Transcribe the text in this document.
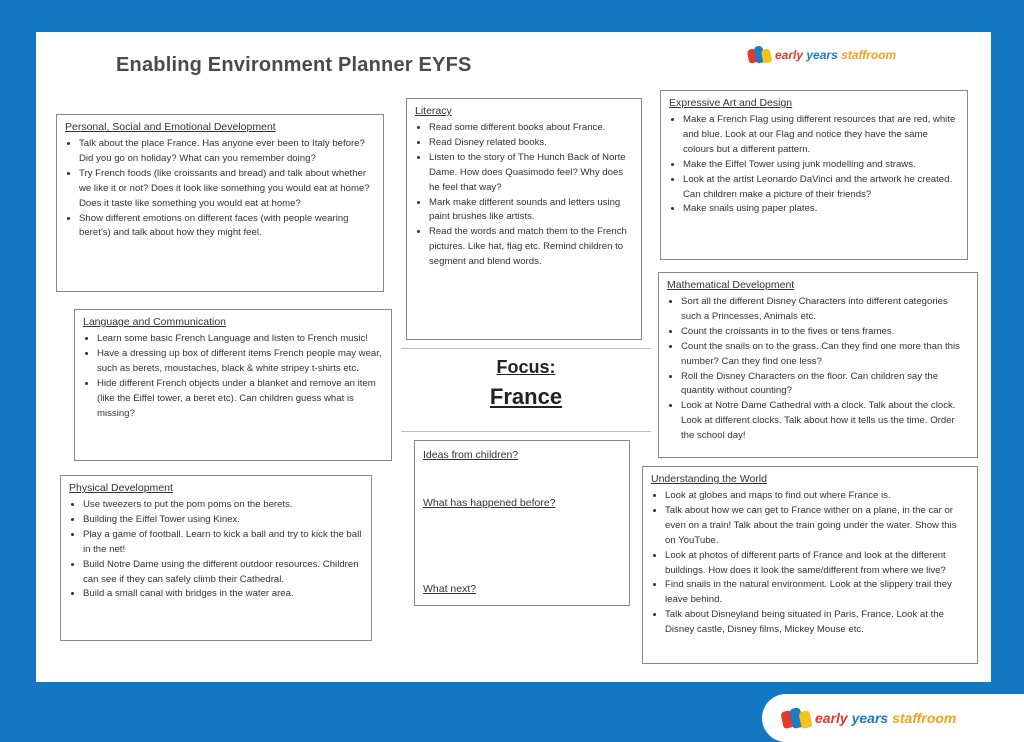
Enabling Environment Planner EYFS	early years staffroom
Personal, Social and Emotional Development
• Talk about the place France. Has anyone ever been to Italy before? Did you go on holiday? What can you remember doing?
• Try French foods (like croissants and bread) and talk about whether we like it or not? Does it look like something you would eat at home? Does it taste like something you would eat at home?
• Show different emotions on different faces (with people wearing beret's) and talk about how they might feel.
Language and Communication
• Learn some basic French Language and listen to French music!
• Have a dressing up box of different items French people may wear, such as berets, moustaches, black & white stripey t-shirts etc.
• Hide different French objects under a blanket and remove an item (like the Eiffel tower, a beret etc). Can children guess what is missing?
Physical Development
• Use tweezers to put the pom poms on the berets.
• Building the Eiffel Tower using Kinex.
• Play a game of football. Learn to kick a ball and try to kick the ball in the net!
• Build Notre Dame using the different outdoor resources. Children can see if they can safely climb their Cathedral.
• Build a small canal with bridges in the water area.
Literacy
• Read some different books about France.
• Read Disney related books.
• Listen to the story of The Hunch Back of Norte Dame. How does Quasimodo feel? Why does he feel that way?
• Mark make different sounds and letters using paint brushes like artists.
• Read the words and match them to the French pictures. Like hat, flag etc. Remind children to segment and blend words.
Focus:
France

Ideas from children?

What has happened before?

What next?

Expressive Art and Design
• Make a French Flag using different resources that are red, white and blue. Look at our Flag and notice they have the same colours but a different pattern.
• Make the Eiffel Tower using junk modelling and straws.
• Look at the artist Leonardo DaVinci and the artwork he created. Can children make a picture of their friends?
• Make snails using paper plates.
Mathematical Development
• Sort all the different Disney Characters into different categories such a Princesses, Animals etc.
• Count the croissants in to the fives or tens frames.
• Count the snails on to the grass. Can they find one more than this number? Can they find one less?
• Roll the Disney Characters on the floor. Can children say the quantity without counting?
• Look at Notre Dame Cathedral with a clock. Talk about the clock. Look at different clocks. Talk about how it tells us the time. Order the school day!
Understanding the World
• Look at globes and maps to find out where France is.
• Talk about how we can get to France wither on a plane, in the car or even on a train! Talk about the train going under the water. Show this on YouTube.
• Look at photos of different parts of France and look at the different buildings. How does it look the same/different from where we live?
• Find snails in the natural environment. Look at the slippery trail they leave behind.
• Talk about Disneyland being situated in Paris, France. Look at the Disney castle, Disney films, Mickey Mouse etc.
early years staffroom
